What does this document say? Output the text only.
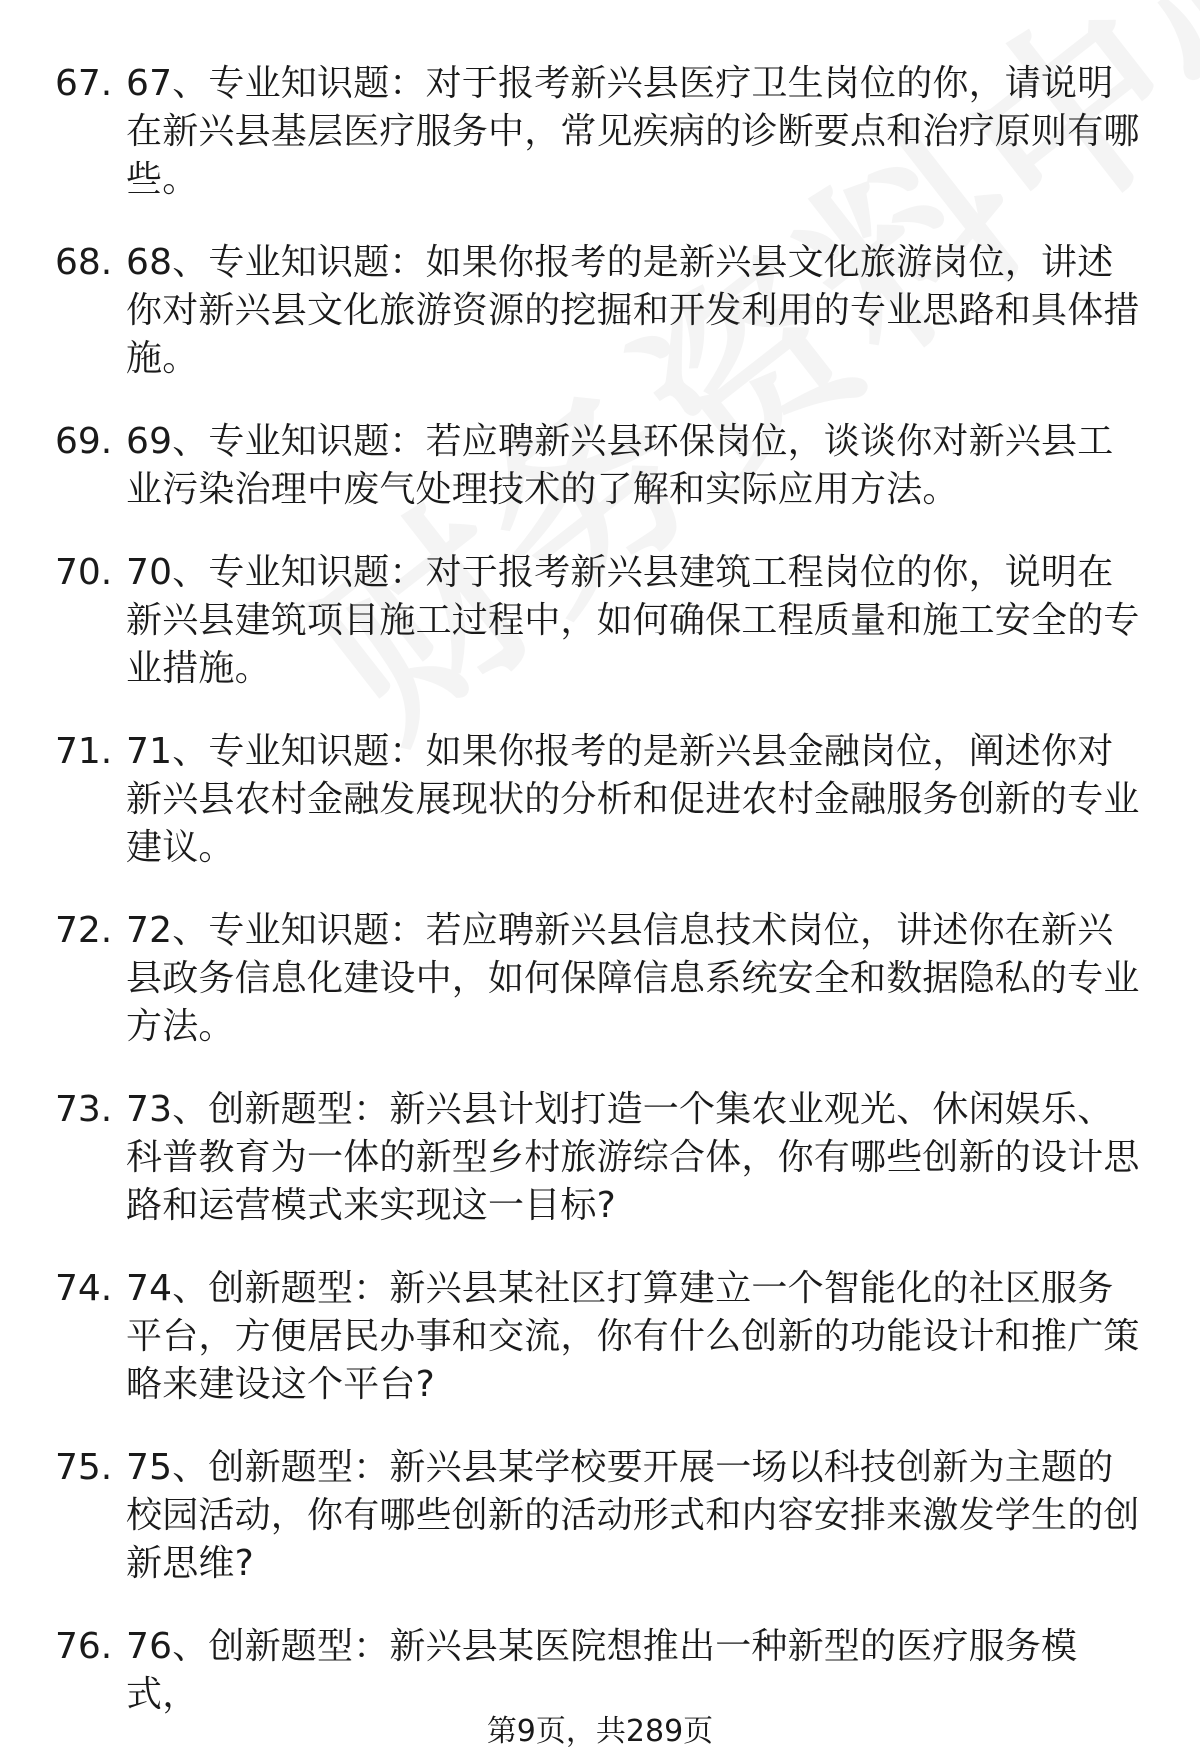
67. 67、专业知识题：对于报考新兴县医疗卫生岗位的你，请说明在新兴县基层医疗服务中，常见疾病的诊断要点和治疗原则有哪些。
68. 68、专业知识题：如果你报考的是新兴县文化旅游岗位，讲述你对新兴县文化旅游资源的挖掘和开发利用的专业思路和具体措施。
69. 69、专业知识题：若应聘新兴县环保岗位，谈谈你对新兴县工业污染治理中废气处理技术的了解和实际应用方法。
70. 70、专业知识题：对于报考新兴县建筑工程岗位的你，说明在新兴县建筑项目施工过程中，如何确保工程质量和施工安全的专业措施。
71. 71、专业知识题：如果你报考的是新兴县金融岗位，阐述你对新兴县农村金融发展现状的分析和促进农村金融服务创新的专业建议。
72. 72、专业知识题：若应聘新兴县信息技术岗位，讲述你在新兴县政务信息化建设中，如何保障信息系统安全和数据隐私的专业方法。
73. 73、创新题型：新兴县计划打造一个集农业观光、休闲娱乐、科普教育为一体的新型乡村旅游综合体，你有哪些创新的设计思路和运营模式来实现这一目标?
74. 74、创新题型：新兴县某社区打算建立一个智能化的社区服务平台，方便居民办事和交流，你有什么创新的功能设计和推广策略来建设这个平台?
75. 75、创新题型：新兴县某学校要开展一场以科技创新为主题的校园活动，你有哪些创新的活动形式和内容安排来激发学生的创新思维?
76. 76、创新题型：新兴县某医院想推出一种新型的医疗服务模式，
第9页，共289页
